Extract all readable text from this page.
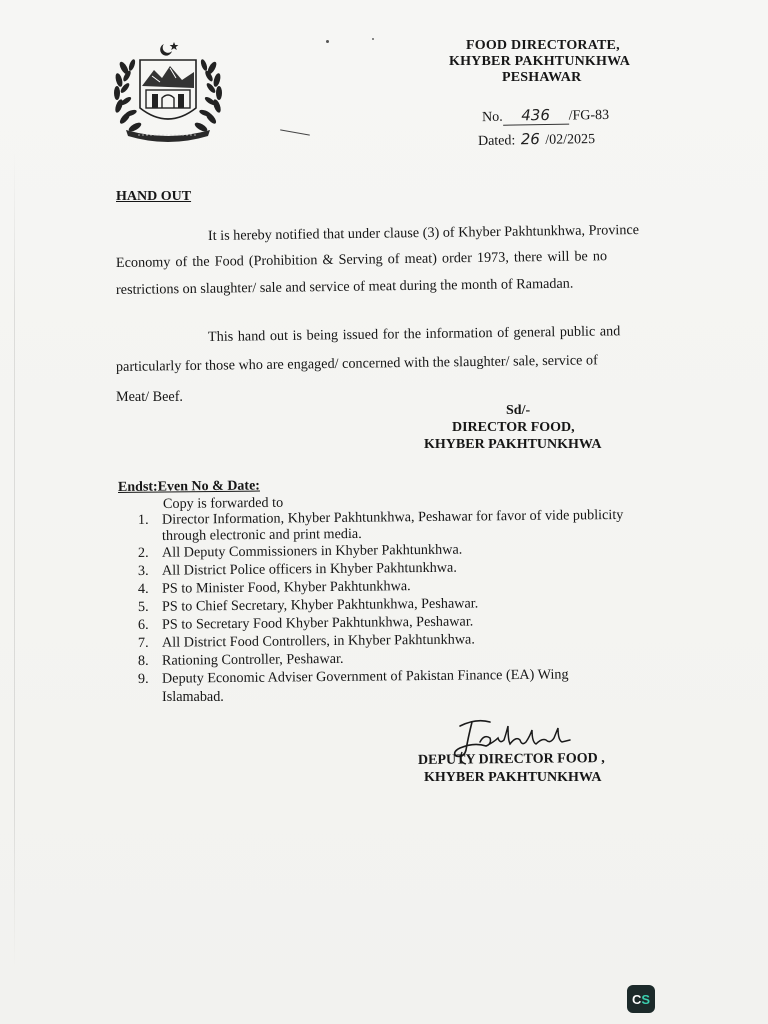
FOOD DIRECTORATE,
KHYBER PAKHTUNKHWA
PESHAWAR
No. 436 /FG-83
Dated: 26 /02/2025
HAND OUT
It is hereby notified that under clause (3) of Khyber Pakhtunkhwa, Province
Economy of the Food (Prohibition & Serving of meat) order 1973, there will be no
restrictions on slaughter/ sale and service of meat during the month of Ramadan.
This hand out is being issued for the information of general public and
particularly for those who are engaged/ concerned with the slaughter/ sale, service of
Meat/ Beef.
Sd/-
DIRECTOR FOOD,
KHYBER PAKHTUNKHWA
Endst:Even No & Date:
Copy is forwarded to
1. Director Information, Khyber Pakhtunkhwa, Peshawar for favor of vide publicity
through electronic and print media.
2. All Deputy Commissioners in Khyber Pakhtunkhwa.
3. All District Police officers in Khyber Pakhtunkhwa.
4. PS to Minister Food, Khyber Pakhtunkhwa.
5. PS to Chief Secretary, Khyber Pakhtunkhwa, Peshawar.
6. PS to Secretary Food Khyber Pakhtunkhwa, Peshawar.
7. All District Food Controllers, in Khyber Pakhtunkhwa.
8. Rationing Controller, Peshawar.
9. Deputy Economic Adviser Government of Pakistan Finance (EA) Wing
Islamabad.
DEPUTY DIRECTOR FOOD ,
KHYBER PAKHTUNKHWA
CS
